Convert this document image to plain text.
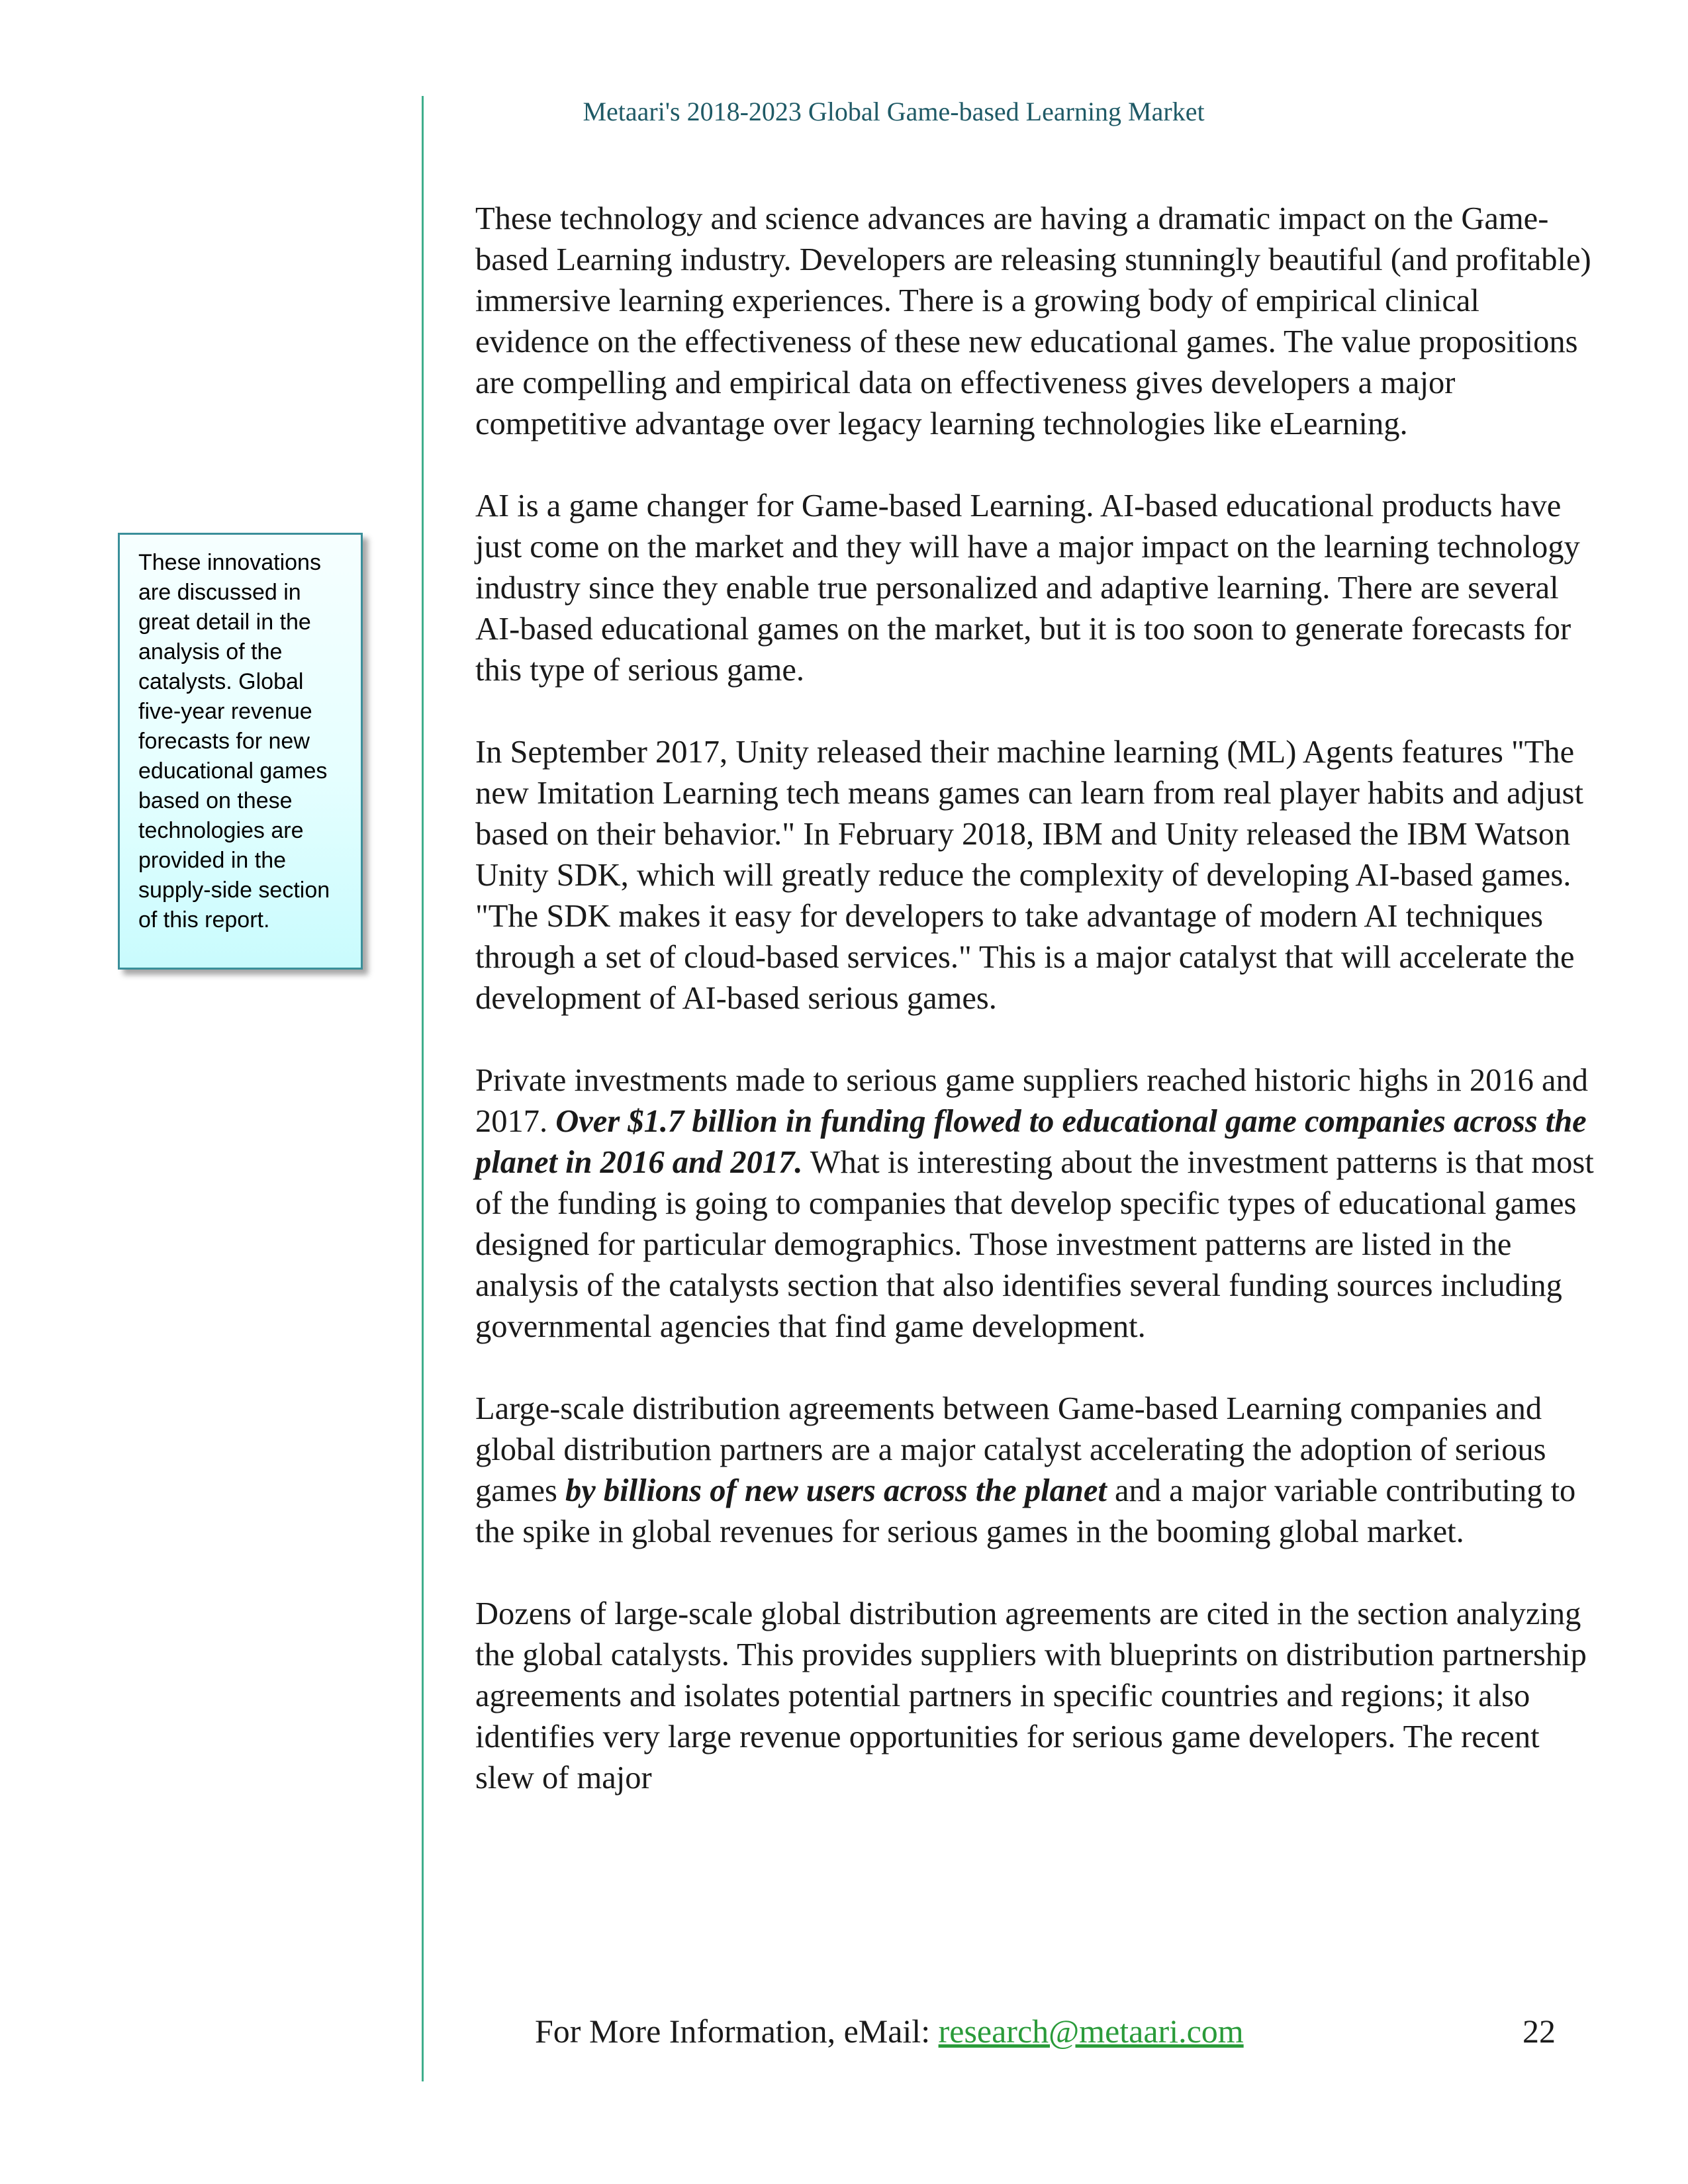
Metaari's 2018-2023 Global Game-based Learning Market
These innovations are discussed in great detail in the analysis of the catalysts. Global five-year revenue forecasts for new educational games based on these technologies are provided in the supply-side section of this report.

These technology and science advances are having a dramatic impact on the Game-based Learning industry. Developers are releasing stunningly beautiful (and profitable) immersive learning experiences. There is a growing body of empirical clinical evidence on the effectiveness of these new educational games. The value propositions are compelling and empirical data on effectiveness gives developers a major competitive advantage over legacy learning technologies like eLearning.

AI is a game changer for Game-based Learning. AI-based educational products have just come on the market and they will have a major impact on the learning technology industry since they enable true personalized and adaptive learning. There are several AI-based educational games on the market, but it is too soon to generate forecasts for this type of serious game.

In September 2017, Unity released their machine learning (ML) Agents features "The new Imitation Learning tech means games can learn from real player habits and adjust based on their behavior." In February 2018, IBM and Unity released the IBM Watson Unity SDK, which will greatly reduce the complexity of developing AI-based games. "The SDK makes it easy for developers to take advantage of modern AI techniques through a set of cloud-based services." This is a major catalyst that will accelerate the development of AI-based serious games.

Private investments made to serious game suppliers reached historic highs in 2016 and 2017. Over $1.7 billion in funding flowed to educational game companies across the planet in 2016 and 2017. What is interesting about the investment patterns is that most of the funding is going to companies that develop specific types of educational games designed for particular demographics. Those investment patterns are listed in the analysis of the catalysts section that also identifies several funding sources including governmental agencies that find game development.

Large-scale distribution agreements between Game-based Learning companies and global distribution partners are a major catalyst accelerating the adoption of serious games by billions of new users across the planet and a major variable contributing to the spike in global revenues for serious games in the booming global market.

Dozens of large-scale global distribution agreements are cited in the section analyzing the global catalysts. This provides suppliers with blueprints on distribution partnership agreements and isolates potential partners in specific countries and regions; it also identifies very large revenue opportunities for serious game developers. The recent slew of major

For More Information, eMail: research@metaari.com	22
